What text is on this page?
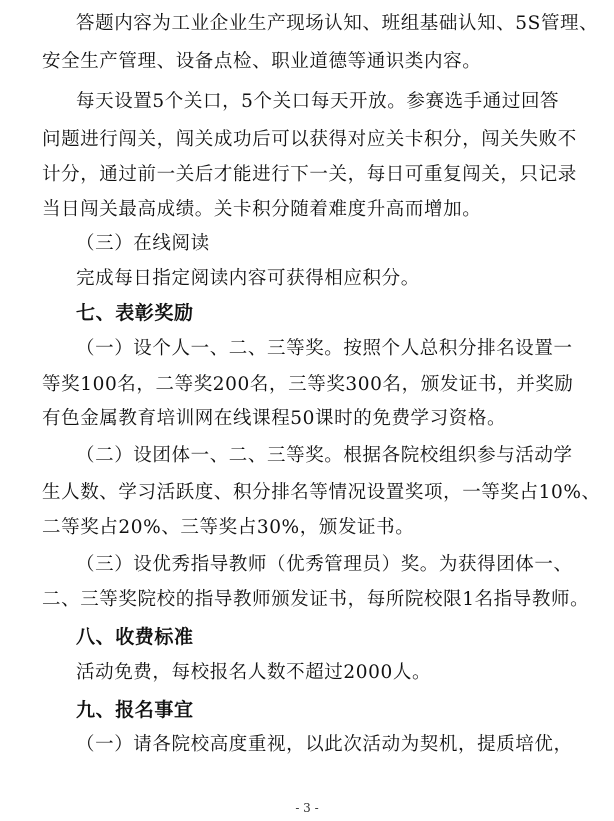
答题内容为工业企业生产现场认知、班组基础认知、5S管理、
安全生产管理、设备点检、职业道德等通识类内容。
每天设置5个关口，5个关口每天开放。参赛选手通过回答
问题进行闯关，闯关成功后可以获得对应关卡积分，闯关失败不
计分，通过前一关后才能进行下一关，每日可重复闯关，只记录
当日闯关最高成绩。关卡积分随着难度升高而增加。
（三）在线阅读
完成每日指定阅读内容可获得相应积分。
七、表彰奖励
（一）设个人一、二、三等奖。按照个人总积分排名设置一
等奖100名，二等奖200名，三等奖300名，颁发证书，并奖励
有色金属教育培训网在线课程50课时的免费学习资格。
（二）设团体一、二、三等奖。根据各院校组织参与活动学
生人数、学习活跃度、积分排名等情况设置奖项，一等奖占10%、
二等奖占20%、三等奖占30%，颁发证书。
（三）设优秀指导教师（优秀管理员）奖。为获得团体一、
二、三等奖院校的指导教师颁发证书，每所院校限1名指导教师。
八、收费标准
活动免费，每校报名人数不超过2000人。
九、报名事宜
（一）请各院校高度重视，以此次活动为契机，提质培优，
- 3 -
